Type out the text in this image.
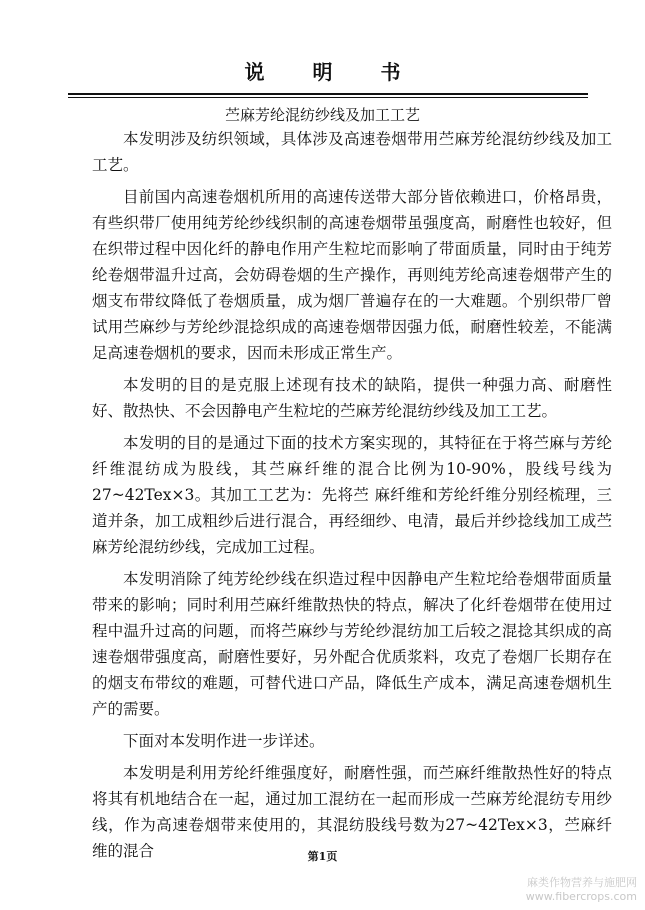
说明书
苎麻芳纶混纺纱线及加工工艺

本发明涉及纺织领域，具体涉及高速卷烟带用苎麻芳纶混纺纱线及加工工艺。

目前国内高速卷烟机所用的高速传送带大部分皆依赖进口，价格昂贵，有些织带厂使用纯芳纶纱线织制的高速卷烟带虽强度高，耐磨性也较好，但在织带过程中因化纤的静电作用产生粒坨而影响了带面质量，同时由于纯芳纶卷烟带温升过高，会妨碍卷烟的生产操作，再则纯芳纶高速卷烟带产生的烟支布带纹降低了卷烟质量，成为烟厂普遍存在的一大难题。个别织带厂曾试用苎麻纱与芳纶纱混捻织成的高速卷烟带因强力低，耐磨性较差，不能满足高速卷烟机的要求，因而未形成正常生产。

本发明的目的是克服上述现有技术的缺陷，提供一种强力高、耐磨性好、散热快、不会因静电产生粒坨的苎麻芳纶混纺纱线及加工工艺。

本发明的目的是通过下面的技术方案实现的，其特征在于将苎麻与芳纶纤维混纺成为股线，其苎麻纤维的混合比例为10-90%，股线号线为27~42Tex×3。其加工工艺为：先将苎 麻纤维和芳纶纤维分别经梳理，三道并条，加工成粗纱后进行混合，再经细纱、电清，最后并纱捻线加工成苎麻芳纶混纺纱线，完成加工过程。

本发明消除了纯芳纶纱线在织造过程中因静电产生粒坨给卷烟带面质量带来的影响；同时利用苎麻纤维散热快的特点，解决了化纤卷烟带在使用过程中温升过高的问题，而将苎麻纱与芳纶纱混纺加工后较之混捻其织成的高速卷烟带强度高，耐磨性要好，另外配合优质浆料，攻克了卷烟厂长期存在的烟支布带纹的难题，可替代进口产品，降低生产成本，满足高速卷烟机生产的需要。

下面对本发明作进一步详述。

本发明是利用芳纶纤维强度好，耐磨性强，而苎麻纤维散热性好的特点将其有机地结合在一起，通过加工混纺在一起而形成一苎麻芳纶混纺专用纱线，作为高速卷烟带来使用的，其混纺股线号数为27~42Tex×3，苎麻纤维的混合	第1页
麻类作物营养与施肥网
www.fibercrops.com
